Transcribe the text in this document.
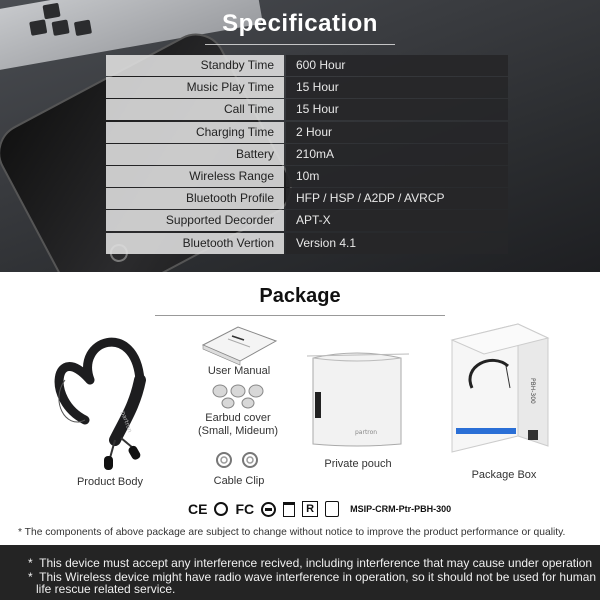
Specification
Standby Time	600 Hour
Music Play Time	15 Hour
Call Time	15 Hour
Charging Time	2 Hour
Battery	210mA
Wireless Range	10m
Bluetooth Profile	HFP / HSP / A2DP / AVRCP
Supported Decorder	APT-X
Bluetooth Vertion	Version 4.1
Package
partron
Product Body
User Manual
Earbud cover
(Small, Mideum)
Cable Clip
partron
Private pouch
PBH-300
Package Box
CE FC	R	MSIP-CRM-Ptr-PBH-300
* The components of above package are subject to change without notice to improve the product performance or quality.
* This device must accept any interference recived, including interference that may cause under operation
* This Wireless device might have radio wave interference in operation, so it should not be used for human
life rescue related service.
